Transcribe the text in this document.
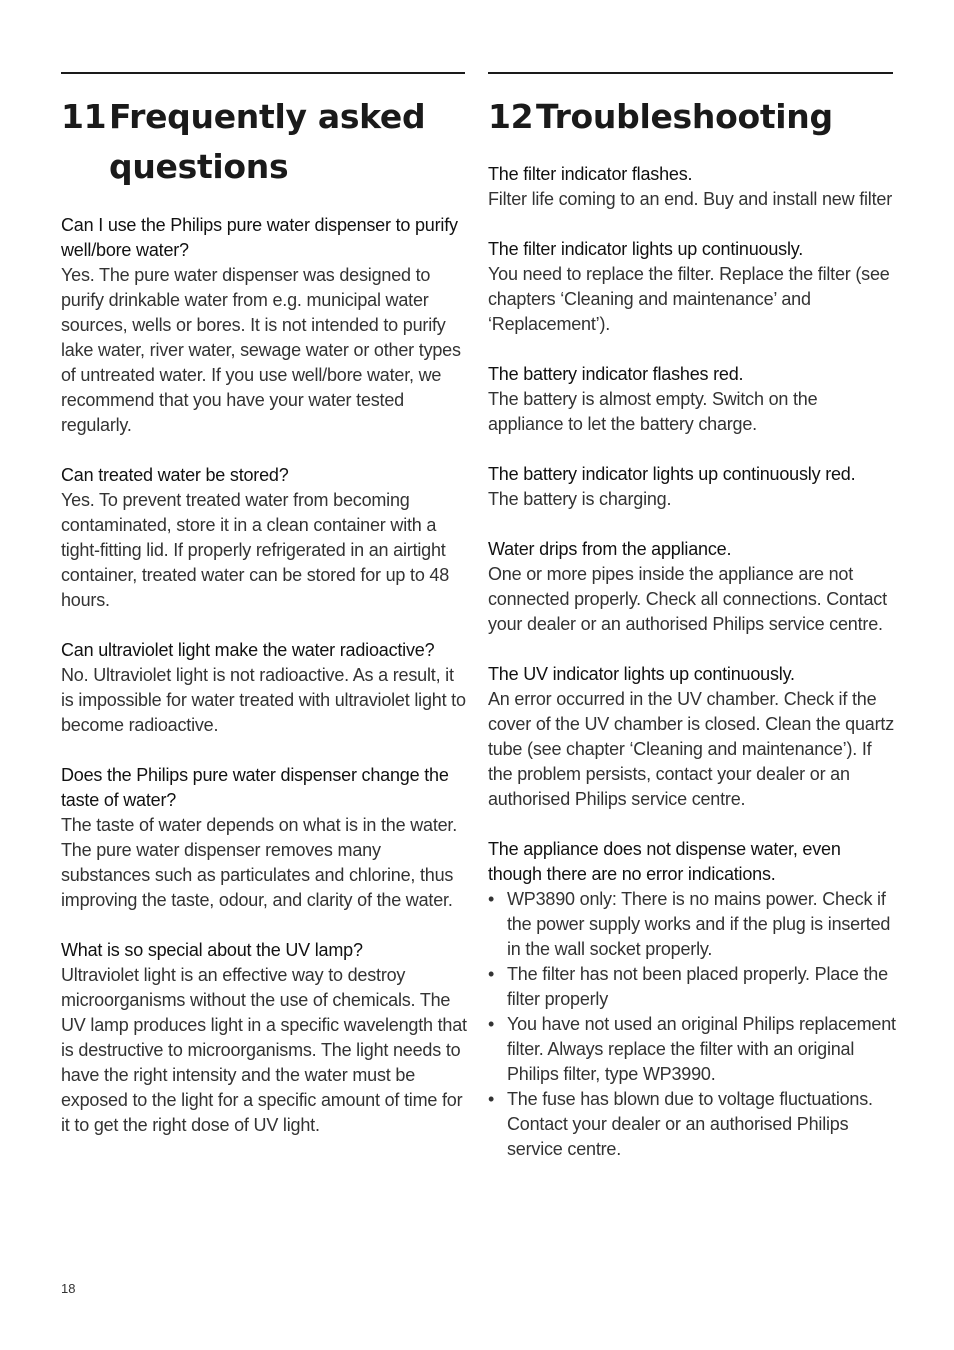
11Frequently asked
questions
Can I use the Philips pure water dispenser to purify well/bore water?
Yes. The pure water dispenser was designed to purify drinkable water from e.g. municipal water sources, wells or bores. It is not intended to purify lake water, river water, sewage water or other types of untreated water. If you use well/bore water, we recommend that you have your water tested regularly.
Can treated water be stored?
Yes. To prevent treated water from becoming contaminated, store it in a clean container with a tight-fitting lid. If properly refrigerated in an airtight container, treated water can be stored for up to 48 hours.
Can ultraviolet light make the water radioactive?
No. Ultraviolet light is not radioactive. As a result, it is impossible for water treated with ultraviolet light to become radioactive.
Does the Philips pure water dispenser change the taste of water?
The taste of water depends on what is in the water. The pure water dispenser removes many substances such as particulates and chlorine, thus improving the taste, odour, and clarity of the water.
What is so special about the UV lamp?
Ultraviolet light is an effective way to destroy microorganisms without the use of chemicals. The UV lamp produces light in a specific wavelength that is destructive to microorganisms. The light needs to have the right intensity and the water must be exposed to the light for a specific amount of time for it to get the right dose of UV light.
12Troubleshooting
The filter indicator flashes.
Filter life coming to an end. Buy and install new filter
The filter indicator lights up continuously.
You need to replace the filter. Replace the filter (see chapters ‘Cleaning and maintenance’ and ‘Replacement’).
The battery indicator flashes red.
The battery is almost empty. Switch on the appliance to let the battery charge.
The battery indicator lights up continuously red.
The battery is charging.
Water drips from the appliance.
One or more pipes inside the appliance are not connected properly. Check all connections. Contact your dealer or an authorised Philips service centre.
The UV indicator lights up continuously.
An error occurred in the UV chamber. Check if the cover of the UV chamber is closed. Clean the quartz tube (see chapter ‘Cleaning and maintenance’). If the problem persists, contact your dealer or an authorised Philips service centre.
The appliance does not dispense water, even though there are no error indications.
• WP3890 only: There is no mains power. Check if the power supply works and if the plug is inserted in the wall socket properly.
• The filter has not been placed properly. Place the filter properly
• You have not used an original Philips replacement filter. Always replace the filter with an original Philips filter, type WP3990.
• The fuse has blown due to voltage fluctuations. Contact your dealer or an authorised Philips service centre.
18
